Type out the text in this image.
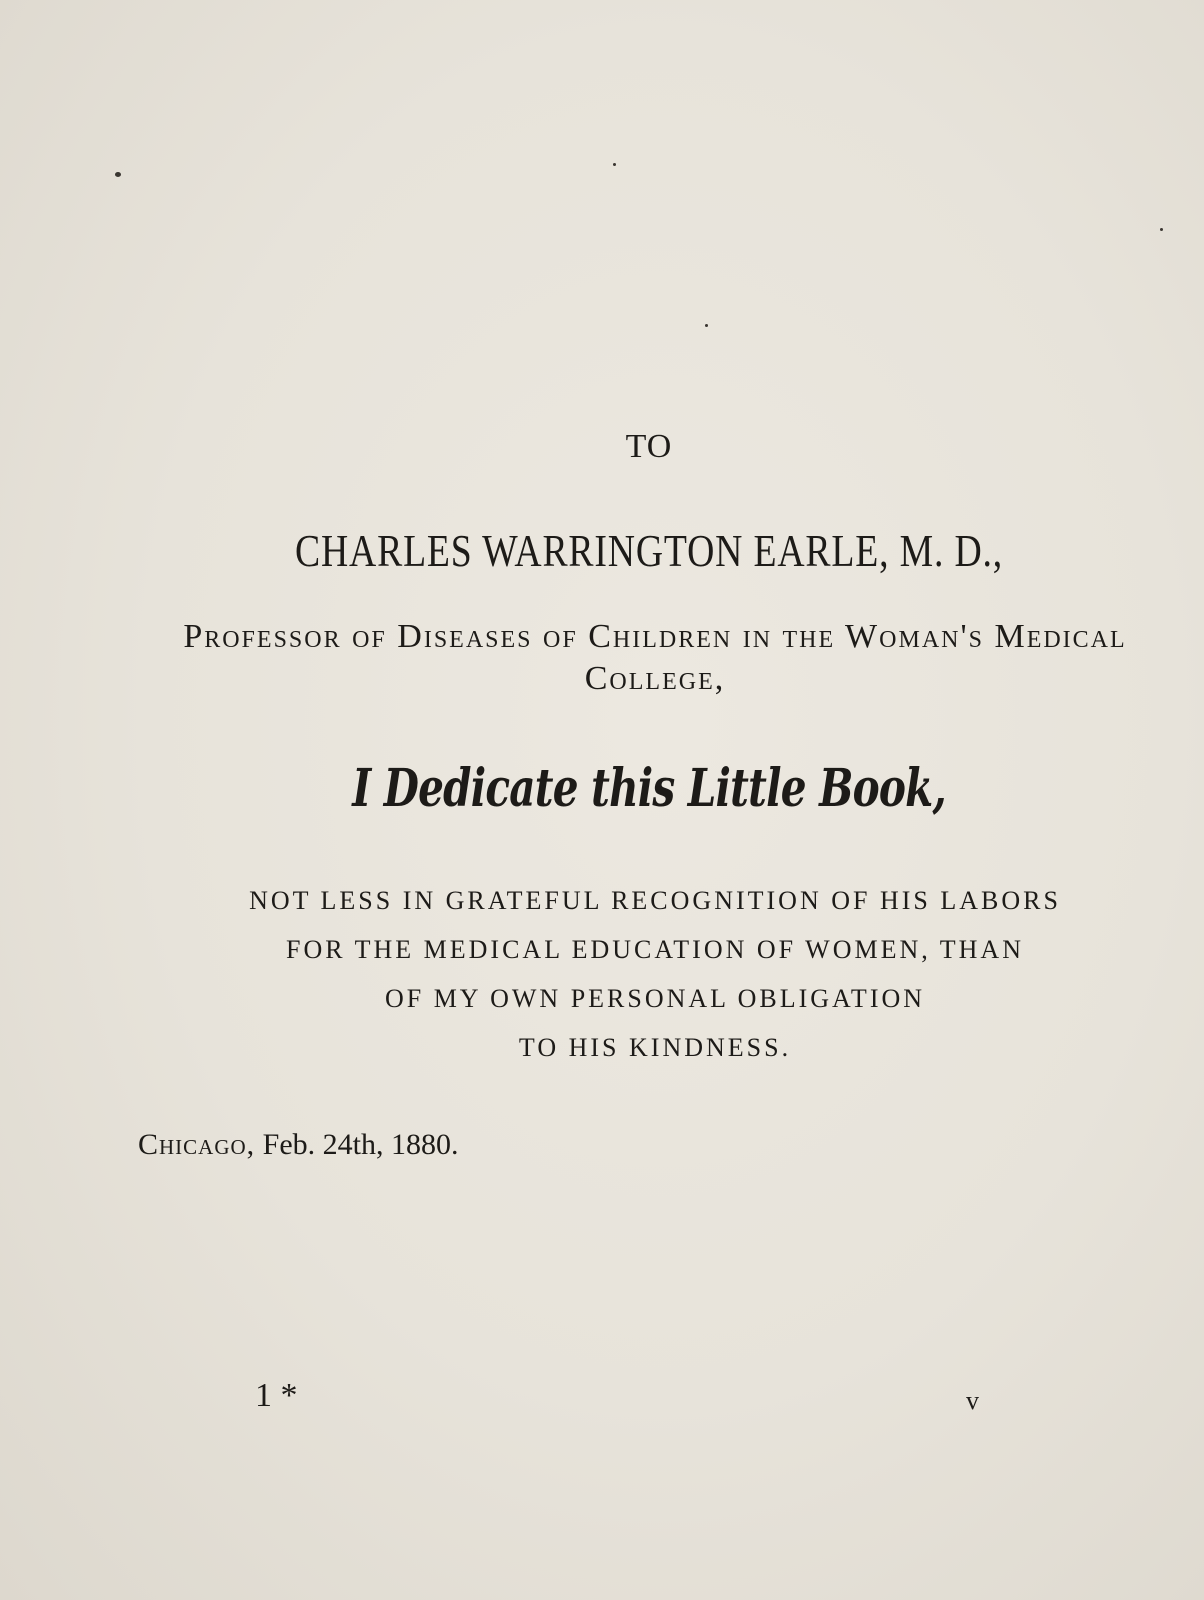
TO
CHARLES WARRINGTON EARLE, M. D.,
Professor of Diseases of Children in the Woman's Medical College,
I Dedicate this Little Book,
NOT LESS IN GRATEFUL RECOGNITION OF HIS LABORS
FOR THE MEDICAL EDUCATION OF WOMEN, THAN
OF MY OWN PERSONAL OBLIGATION
TO HIS KINDNESS.
Chicago, Feb. 24th, 1880.
1 *	v
